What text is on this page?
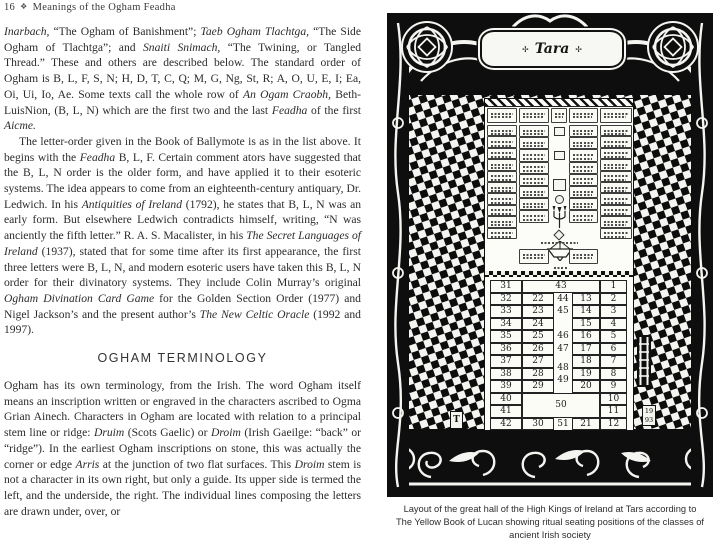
16 ❖ Meanings of the Ogham Feadha

Inarbach, “The Ogham of Banishment”; Taeb Ogham Tlachtga, “The Side Ogham of Tlachtga”; and Snaiti Snimach, “The Twining, or Tangled Thread.” These and others are described below. The standard order of Ogham is B, L, F, S, N; H, D, T, C, Q; M, G, Ng, St, R; A, O, U, E, I; Ea, Oi, Ui, Io, Ae. Some texts call the whole row of An Ogam Craobh, Beth-LuisNion, (B, L, N) which are the first two and the last Feadha of the first Aicme.

The letter-order given in the Book of Ballymote is as in the list above. It begins with the Feadha B, L, F. Certain comment ators have suggested that the B, L, N order is the older form, and have applied it to their esoteric systems. The idea appears to come from an eighteenth-century antiquary, Dr. Ledwich. In his Antiquities of Ireland (1792), he states that B, L, N was an early form. But elsewhere Ledwich contradicts himself, writing, “N was anciently the fifth letter.” R. A. S. Macalister, in his The Secret Languages of Ireland (1937), stated that for some time after its first appearance, the first three letters were B, L, N, and modern esoteric users have taken this B, L, N order for their divinatory systems. They include Colin Murray’s original Ogham Divination Card Game for the Golden Section Order (1977) and Nigel Jackson’s and the present author’s The New Celtic Oracle (1992 and 1997).

OGHAM TERMINOLOGY

Ogham has its own terminology, from the Irish. The word Ogham itself means an inscription written or engraved in the characters ascribed to Ogma Grian Ainech. Characters in Ogham are located with relation to a principal stem line or ridge: Druim (Scots Gaelic) or Droim (Irish Gaeilge: “back” or “ridge”). In the earliest Ogham inscriptions on stone, this was actually the corner or edge Arris at the junction of two flat surfaces. This Droim stem is not a character in its own right, but only a guide. Its upper side is termed the left, and the underside, the right. The individual lines composing the letters are drawn under, over, or

✢ Tara ✢
31
32
33
34
35
36
37
38
39
40
41
42
1
2
3
4
5
6
7
8
9
10
11
12
22
23
24
25
26
27
28
29
30
13
14
15
16
17
18
19
20
21
43
44
45
46
47
48
49
50
51
T
19
93
Layout of the great hall of the High Kings of Ireland at Tars according to
The Yellow Book of Lucan showing ritual seating positions of the classes of
ancient Irish society
